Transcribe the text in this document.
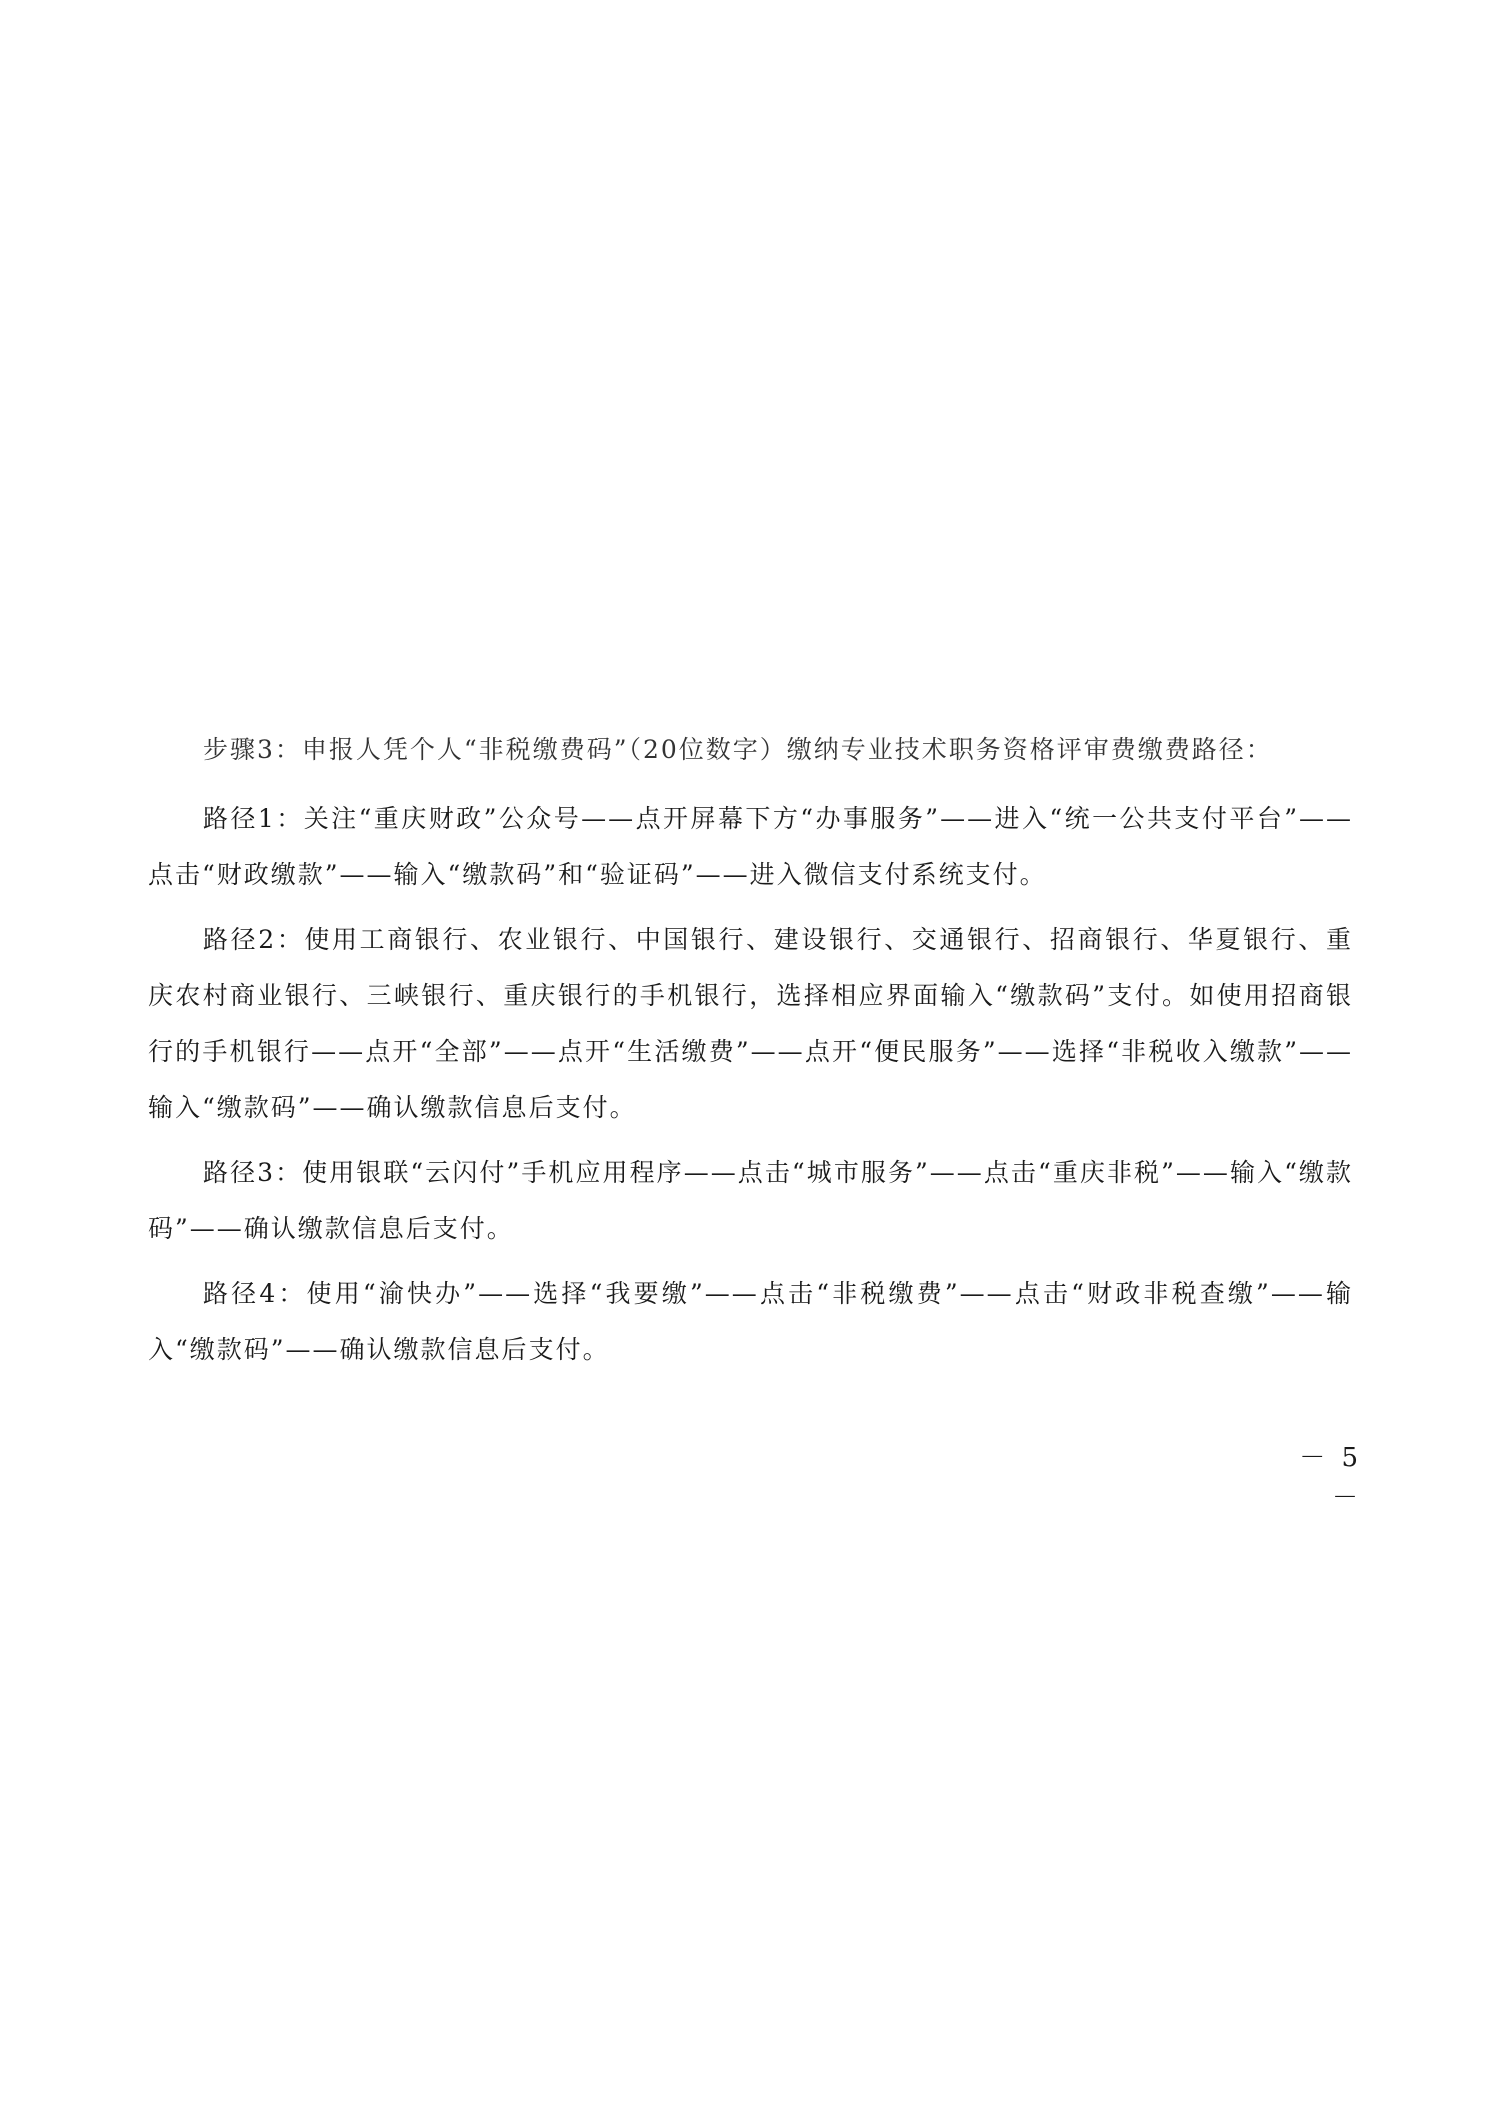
步骤3：申报人凭个人“非税缴费码”（20位数字）缴纳专业技术职务资格评审费缴费路径：

路径1：关注“重庆财政”公众号——点开屏幕下方“办事服务”——进入“统一公共支付平台”——点击“财政缴款”——输入“缴款码”和“验证码”——进入微信支付系统支付。

路径2：使用工商银行、农业银行、中国银行、建设银行、交通银行、招商银行、华夏银行、重庆农村商业银行、三峡银行、重庆银行的手机银行，选择相应界面输入“缴款码”支付。如使用招商银行的手机银行——点开“全部”——点开“生活缴费”——点开“便民服务”——选择“非税收入缴款”——输入“缴款码”——确认缴款信息后支付。

路径3：使用银联“云闪付”手机应用程序——点击“城市服务”——点击“重庆非税”——输入“缴款码”——确认缴款信息后支付。

路径4：使用“渝快办”——选择“我要缴”——点击“非税缴费”——点击“财政非税查缴”——输入“缴款码”——确认缴款信息后支付。

－ 5 －
